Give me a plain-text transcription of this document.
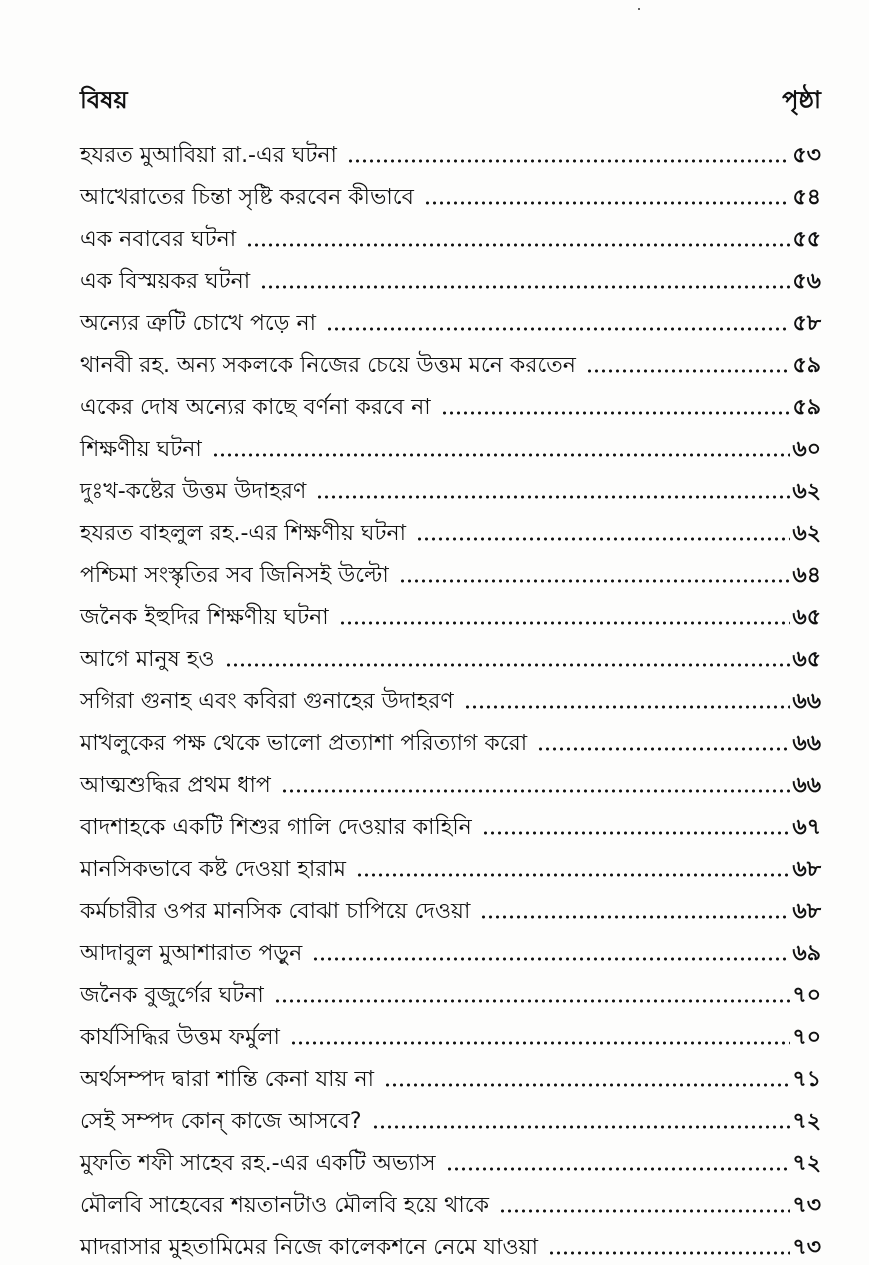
বিষয়	পৃষ্ঠা
হযরত মুআবিয়া রা.-এর ঘটনা	৫৩
আখেরাতের চিন্তা সৃষ্টি করবেন কীভাবে	৫৪
এক নবাবের ঘটনা	৫৫
এক বিস্ময়কর ঘটনা	৫৬
অন্যের ত্রুটি চোখে পড়ে না	৫৮
থানবী রহ. অন্য সকলকে নিজের চেয়ে উত্তম মনে করতেন	৫৯
একের দোষ অন্যের কাছে বর্ণনা করবে না	৫৯
শিক্ষণীয় ঘটনা	৬০
দুঃখ-কষ্টের উত্তম উদাহরণ	৬২
হযরত বাহলুল রহ.-এর শিক্ষণীয় ঘটনা	৬২
পশ্চিমা সংস্কৃতির সব জিনিসই উল্টো	৬৪
জনৈক ইহুদির শিক্ষণীয় ঘটনা	৬৫
আগে মানুষ হও	৬৫
সগিরা গুনাহ এবং কবিরা গুনাহের উদাহরণ	৬৬
মাখলুকের পক্ষ থেকে ভালো প্রত্যাশা পরিত্যাগ করো	৬৬
আত্মশুদ্ধির প্রথম ধাপ	৬৬
বাদশাহকে একটি শিশুর গালি দেওয়ার কাহিনি	৬৭
মানসিকভাবে কষ্ট দেওয়া হারাম	৬৮
কর্মচারীর ওপর মানসিক বোঝা চাপিয়ে দেওয়া	৬৮
আদাবুল মুআশারাত পড়ুন	৬৯
জনৈক বুজুর্গের ঘটনা	৭০
কার্যসিদ্ধির উত্তম ফর্মুলা	৭০
অর্থসম্পদ দ্বারা শান্তি কেনা যায় না	৭১
সেই সম্পদ কোন্ কাজে আসবে?	৭২
মুফতি শফী সাহেব রহ.-এর একটি অভ্যাস	৭২
মৌলবি সাহেবের শয়তানটাও মৌলবি হয়ে থাকে	৭৩
মাদরাসার মুহতামিমের নিজে কালেকশনে নেমে যাওয়া	৭৩
